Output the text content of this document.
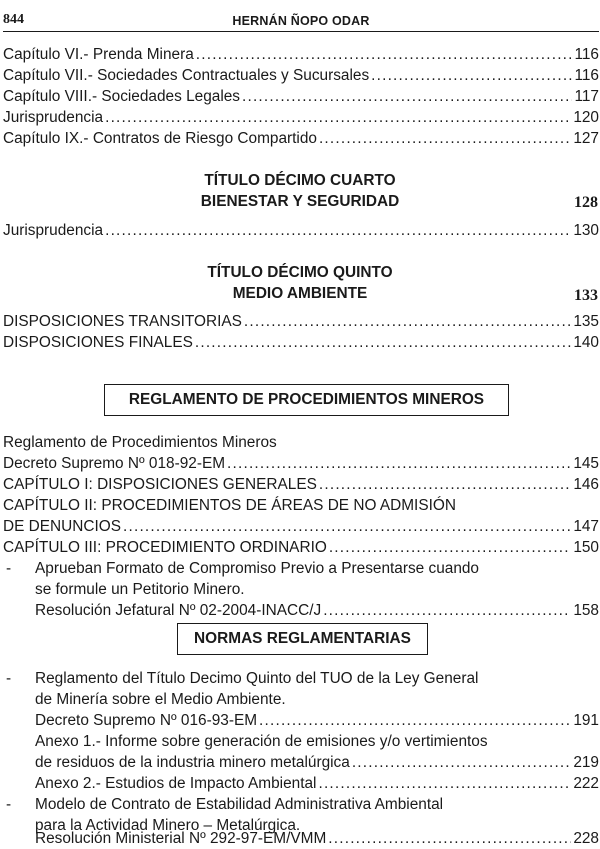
844	HERNÁN ÑOPO ODAR
Capítulo VI.- Prenda Minera .....	116
Capítulo VII.- Sociedades Contractuales y Sucursales .....	116
Capítulo VIII.- Sociedades Legales .....	117
Jurisprudencia .....	120
Capítulo IX.- Contratos de Riesgo Compartido .....	127
TÍTULO DÉCIMO CUARTO
BIENESTAR Y SEGURIDAD	128
Jurisprudencia .....	130
TÍTULO DÉCIMO QUINTO
MEDIO AMBIENTE	133
DISPOSICIONES TRANSITORIAS .....	135
DISPOSICIONES FINALES .....	140
REGLAMENTO DE PROCEDIMIENTOS MINEROS
Reglamento de Procedimientos Mineros
Decreto Supremo Nº 018-92-EM .....	145
CAPÍTULO I: DISPOSICIONES GENERALES .....	146
CAPÍTULO II: PROCEDIMIENTOS DE ÁREAS DE NO ADMISIÓN
DE DENUNCIOS .....	147
CAPÍTULO III: PROCEDIMIENTO ORDINARIO .....	150
- Aprueban Formato de Compromiso Previo a Presentarse cuando
se formule un Petitorio Minero.
Resolución Jefatural Nº 02-2004-INACC/J .....	158
NORMAS REGLAMENTARIAS
- Reglamento del Título Decimo Quinto del TUO de la Ley General
de Minería sobre el Medio Ambiente.
Decreto Supremo Nº 016-93-EM .....	191
Anexo 1.- Informe sobre generación de emisiones y/o vertimientos
de residuos de la industria minero metalúrgica .....	219
Anexo 2.- Estudios de Impacto Ambiental .....	222
- Modelo de Contrato de Estabilidad Administrativa Ambiental
para la Actividad Minero – Metalúrgica.
Resolución Ministerial Nº 292-97-EM/VMM .....	228
